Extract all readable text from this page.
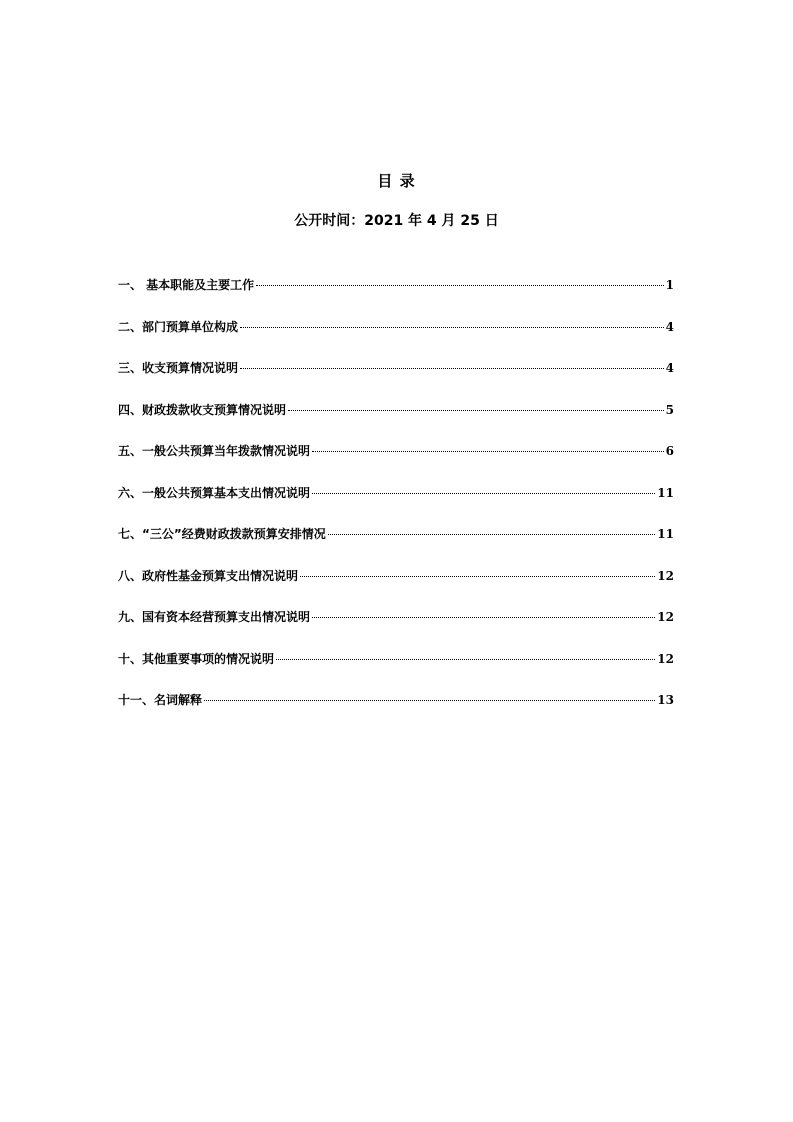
目 录
公开时间：2021 年 4 月 25 日
一、 基本职能及主要工作	1
二、部门预算单位构成	4
三、收支预算情况说明	4
四、财政拨款收支预算情况说明	5
五、一般公共预算当年拨款情况说明	6
六、一般公共预算基本支出情况说明	11
七、“三公”经费财政拨款预算安排情况	11
八、政府性基金预算支出情况说明	12
九、国有资本经营预算支出情况说明	12
十、其他重要事项的情况说明	12
十一、名词解释	13
